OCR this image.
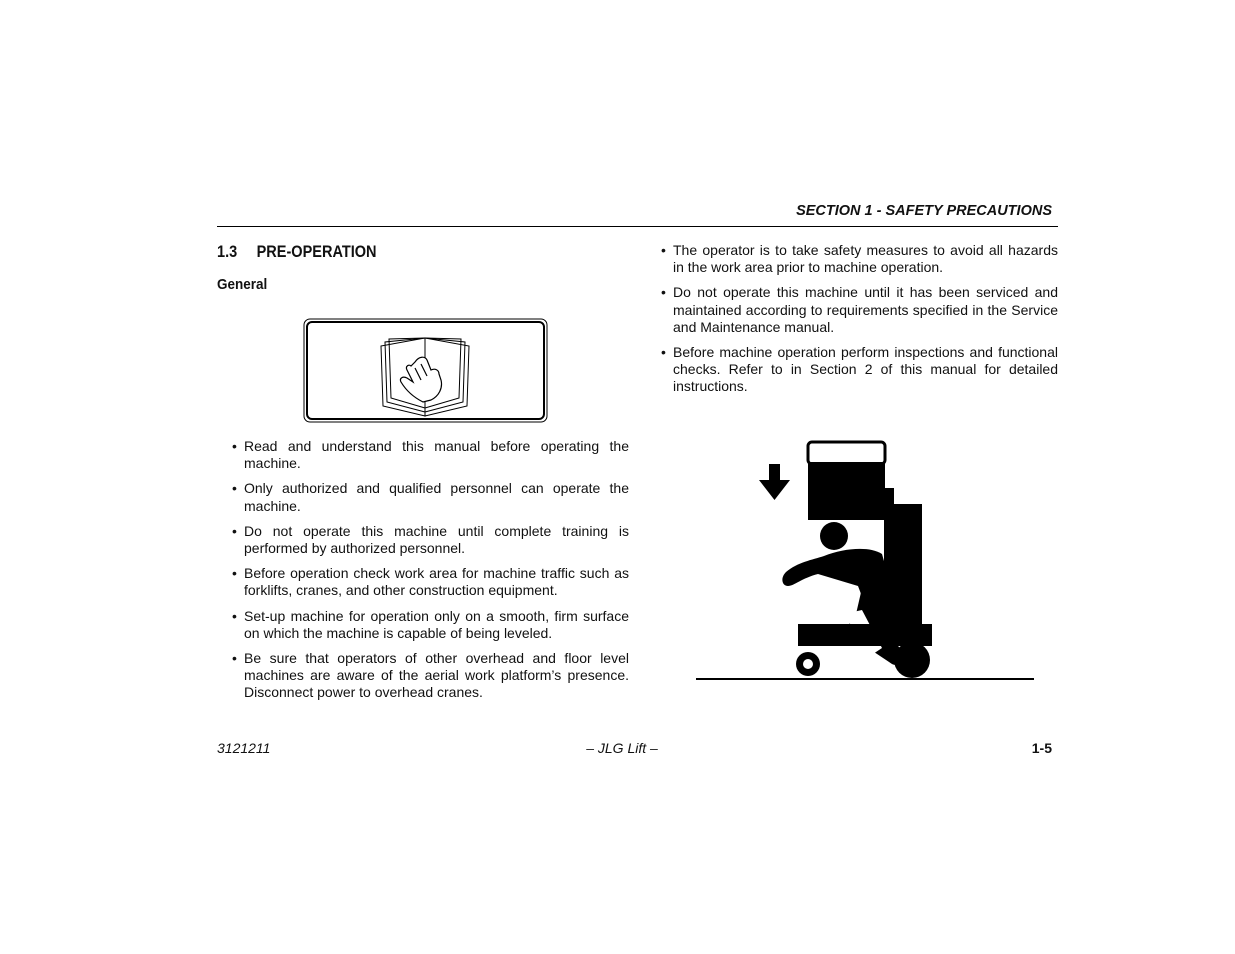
SECTION 1 - SAFETY PRECAUTIONS
1.3 PRE-OPERATION
General
• Read and understand this manual before operating the machine.
• Only authorized and qualified personnel can operate the machine.
• Do not operate this machine until complete training is performed by authorized personnel.
• Before operation check work area for machine traffic such as forklifts, cranes, and other construction equipment.
• Set-up machine for operation only on a smooth, firm surface on which the machine is capable of being leveled.
• Be sure that operators of other overhead and floor level machines are aware of the aerial work platform’s presence. Disconnect power to overhead cranes.
• The operator is to take safety measures to avoid all hazards in the work area prior to machine operation.
• Do not operate this machine until it has been serviced and maintained according to requirements specified in the Service and Maintenance manual.
• Before machine operation perform inspections and functional checks. Refer to in Section 2 of this manual for detailed instructions.
3121211	– JLG Lift –	1-5
